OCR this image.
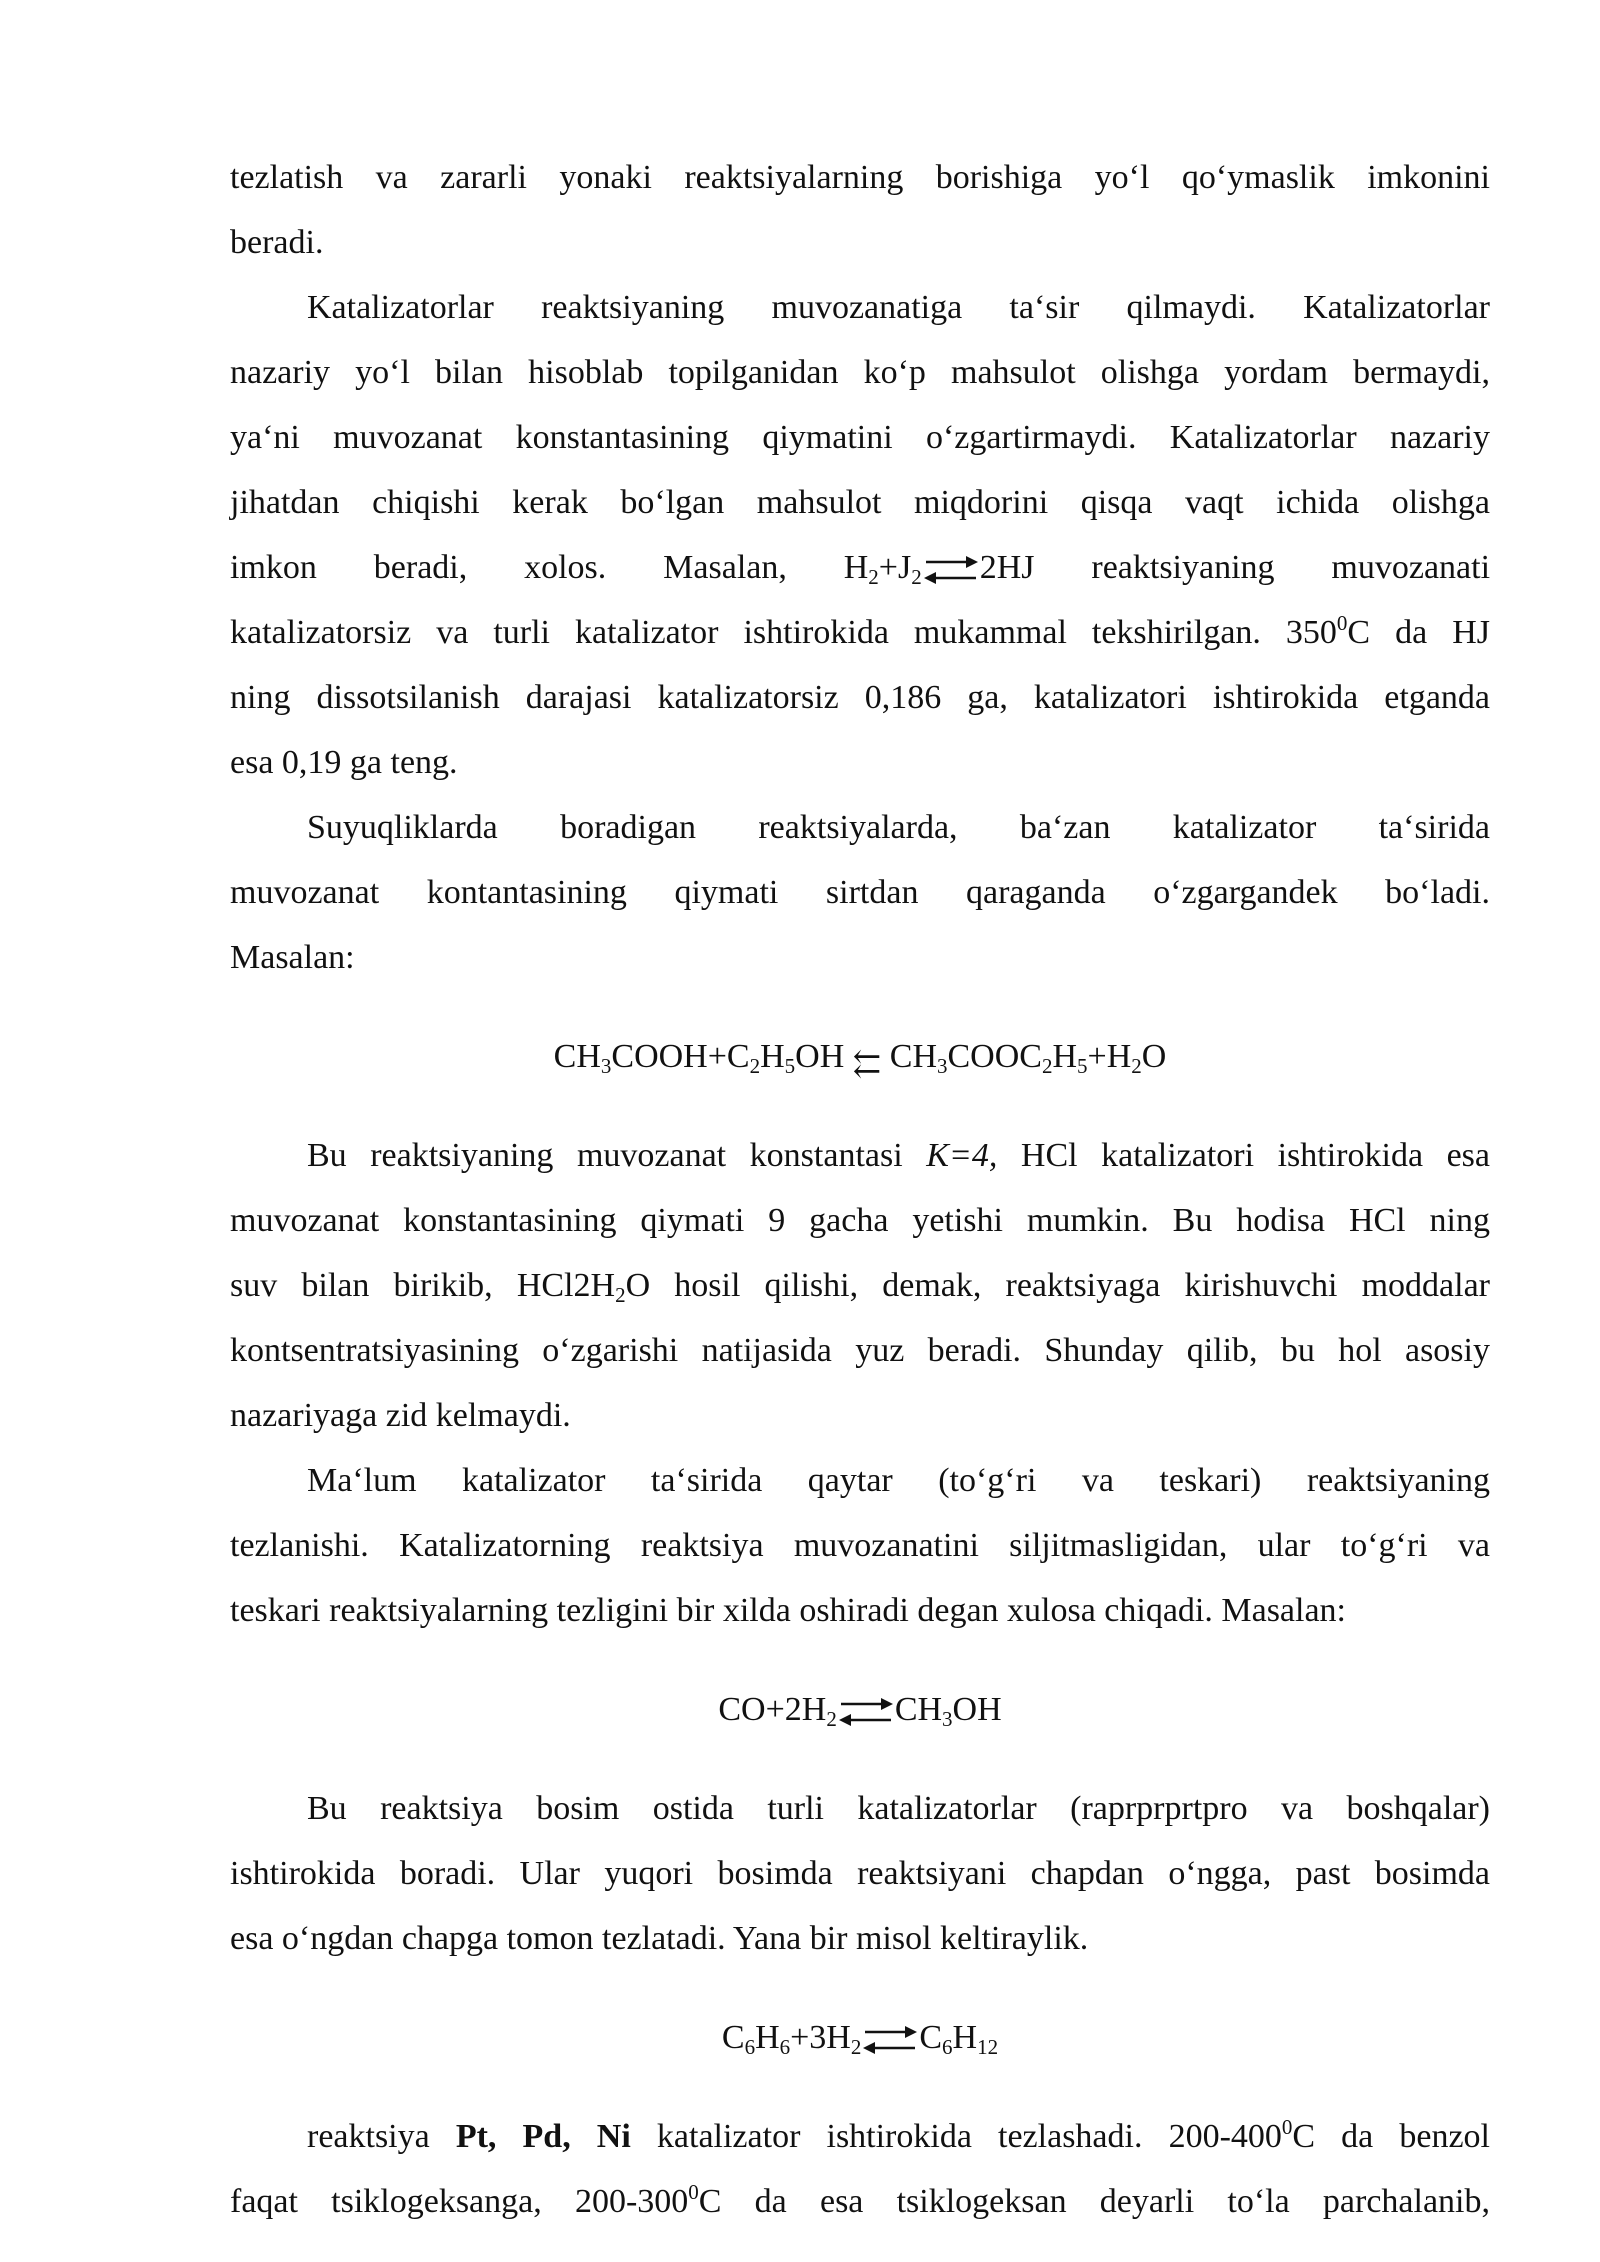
tezlatish va zararli yonaki reaktsiyalarning borishiga yo‘l qo‘ymaslik imkonini

beradi.

Katalizatorlar reaktsiyaning muvozanatiga ta‘sir qilmaydi. Katalizatorlar

nazariy yo‘l bilan hisoblab topilganidan ko‘p mahsulot olishga yordam bermaydi,

ya‘ni muvozanat konstantasining qiymatini o‘zgartirmaydi. Katalizatorlar nazariy

jihatdan chiqishi kerak bo‘lgan mahsulot miqdorini qisqa vaqt ichida olishga

imkon beradi, xolos. Masalan, $H_2+J_2\rightleftharpoons 2HJ$ reaktsiyaning muvozanati

katalizatorsiz va turli katalizator ishtirokida mukammal tekshirilgan. $350^0C$ da HJ

ning dissotsilanish darajasi katalizatorsiz 0,186 ga, katalizatori ishtirokida etganda

esa 0,19 ga teng.

Suyuqliklarda boradigan reaktsiyalarda, ba‘zan katalizator ta‘sirida

muvozanat kontantasining qiymati sirtdan qaraganda o‘zgargandek bo‘ladi.

Masalan:

$CH_3COOH+C_2H_5OH$ ⇇ $CH_3COOC_2H_5+H_2O$

Bu reaktsiyaning muvozanat konstantasi K=4, HCl katalizatori ishtirokida esa

muvozanat konstantasining qiymati 9 gacha yetishi mumkin. Bu hodisa HCl ning

suv bilan birikib, $HCl2H_2O$ hosil qilishi, demak, reaktsiyaga kirishuvchi moddalar

kontsentratsiyasining o‘zgarishi natijasida yuz beradi. Shunday qilib, bu hol asosiy

nazariyaga zid kelmaydi.

Ma‘lum katalizator ta‘sirida qaytar (to‘g‘ri va teskari) reaktsiyaning

tezlanishi. Katalizatorning reaktsiya muvozanatini siljitmasligidan, ular to‘g‘ri va

teskari reaktsiyalarning tezligini bir xilda oshiradi degan xulosa chiqadi. Masalan:

$CO+2H_2\rightleftharpoons CH_3OH$

Bu reaktsiya bosim ostida turli katalizatorlar (raprprprtpro va boshqalar)

ishtirokida boradi. Ular yuqori bosimda reaktsiyani chapdan o‘ngga, past bosimda

esa o‘ngdan chapga tomon tezlatadi. Yana bir misol keltiraylik.

$C_6H_6+3H_2\rightleftharpoons C_6H_{12}$

reaktsiya Pt, Pd, Ni katalizator ishtirokida tezlashadi. $200-400^0C$ da benzol

faqat tsiklogeksanga, $200-300^0C$ da esa tsiklogeksan deyarli to‘la parchalanib,
